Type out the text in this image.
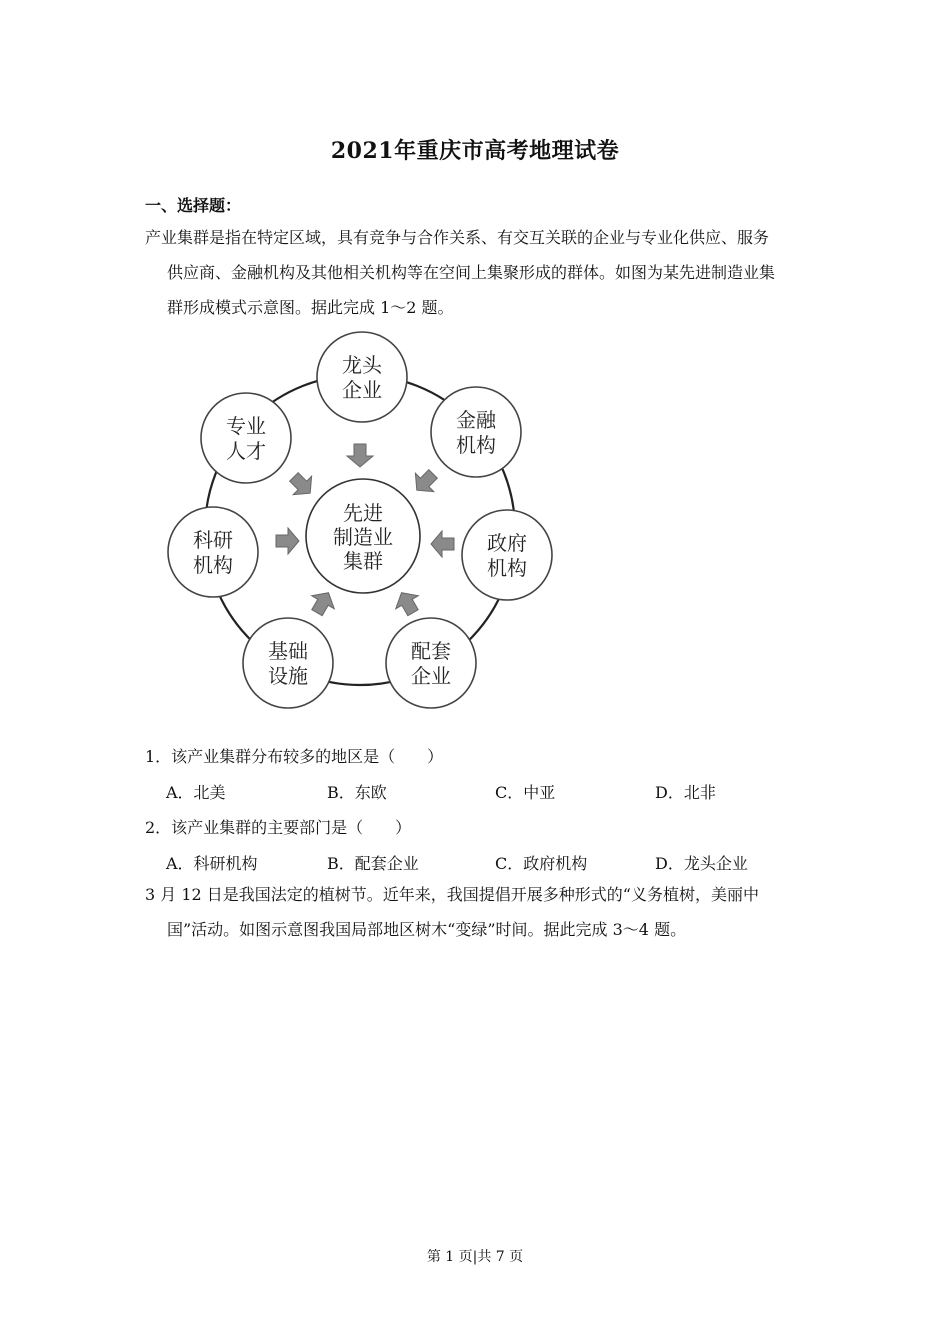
2021年重庆市高考地理试卷
一、选择题：
产业集群是指在特定区域，具有竞争与合作关系、有交互关联的企业与专业化供应、服务
供应商、金融机构及其他相关机构等在空间上集聚形成的群体。如图为某先进制造业集
群形成模式示意图。据此完成 1～2 题。
先进
制造业
集群
龙头
企业
金融
机构
政府
机构
配套
企业
基础
设施
科研
机构
专业
人才
1．该产业集群分布较多的地区是（　　）
A．北美	B．东欧	C．中亚	D．北非
2．该产业集群的主要部门是（　　）
A．科研机构	B．配套企业	C．政府机构	D．龙头企业
3 月 12 日是我国法定的植树节。近年来，我国提倡开展多种形式的“义务植树，美丽中
国”活动。如图示意图我国局部地区树木“变绿”时间。据此完成 3～4 题。
第 1 页|共 7 页
